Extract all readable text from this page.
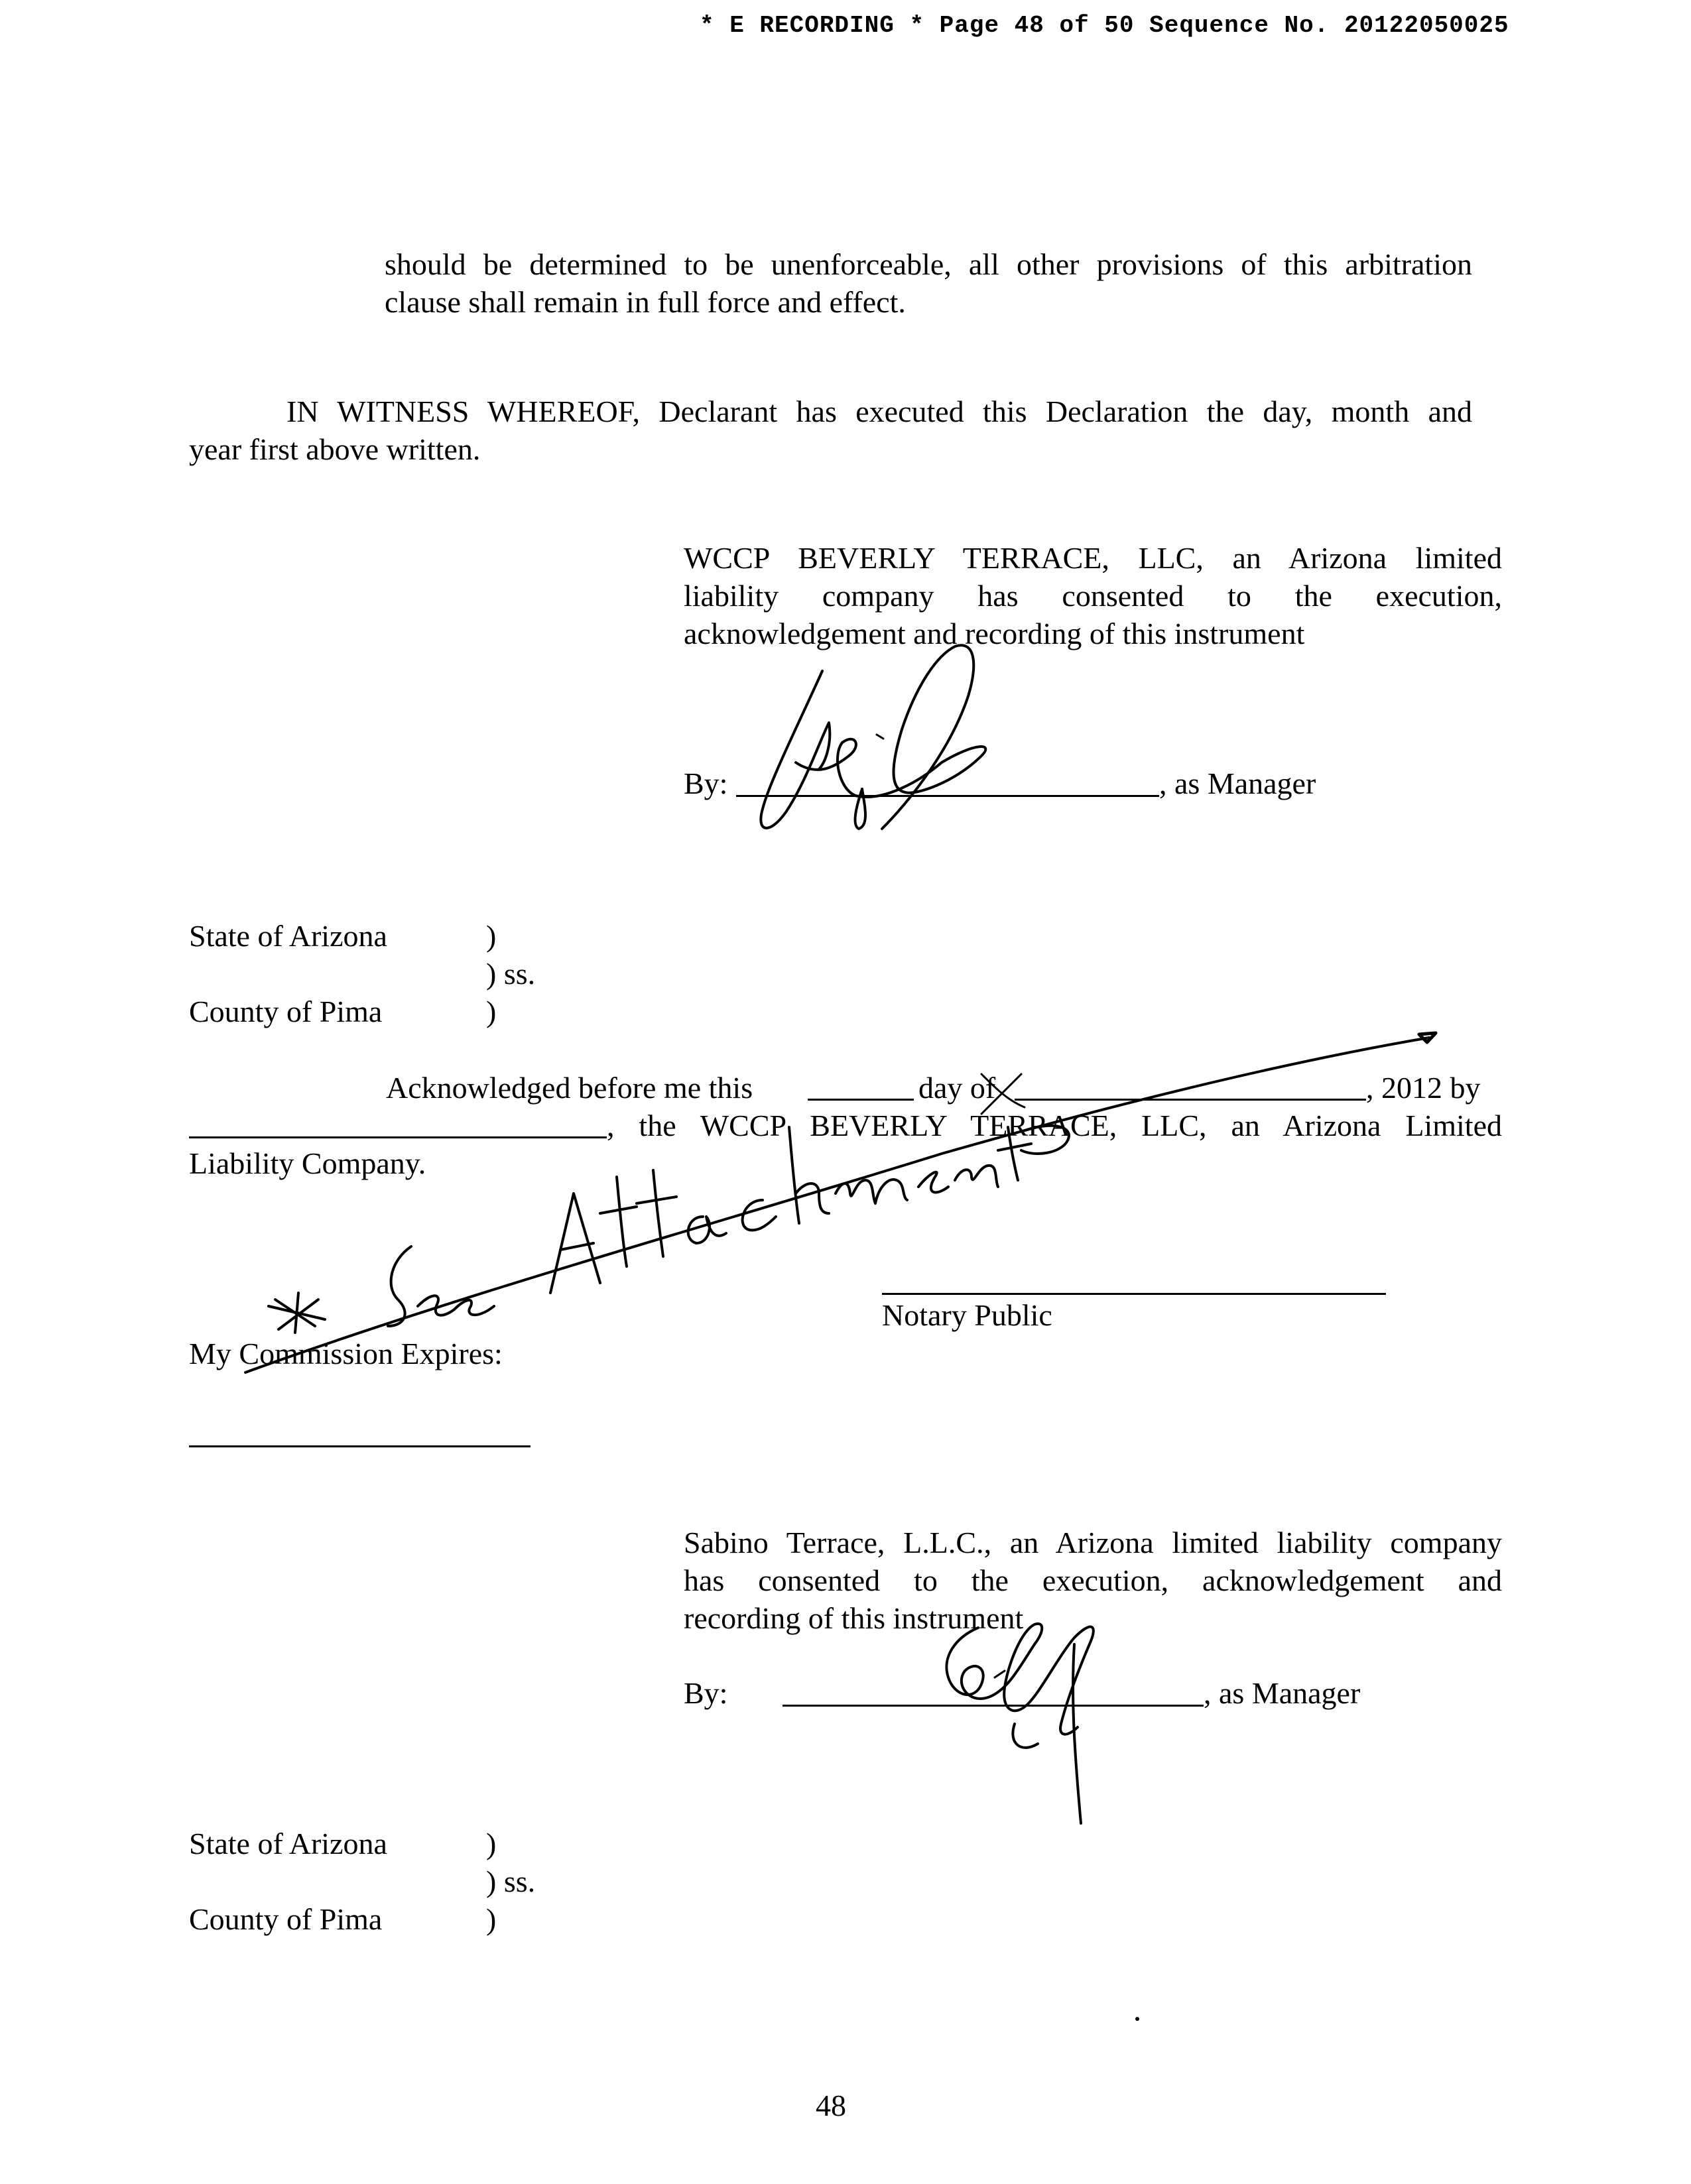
* E RECORDING * Page 48 of 50 Sequence No. 20122050025
should be determined to be unenforceable, all other provisions of this arbitration
clause shall remain in full force and effect.
IN WITNESS WHEREOF, Declarant has executed this Declaration the day, month and
year first above written.
WCCP BEVERLY TERRACE, LLC, an Arizona limited
liability company has consented to the execution,
acknowledgement and recording of this instrument
By:	, as Manager
State of Arizona	)
) ss.
County of Pima	)
Acknowledged before me this	day of	, 2012 by
, the WCCP BEVERLY TERRACE, LLC, an Arizona Limited
Liability Company.
Notary Public
My Commission Expires:
Sabino Terrace, L.L.C., an Arizona limited liability company
has consented to the execution, acknowledgement and
recording of this instrument
By:	, as Manager
State of Arizona	)
) ss.
County of Pima	)
48
